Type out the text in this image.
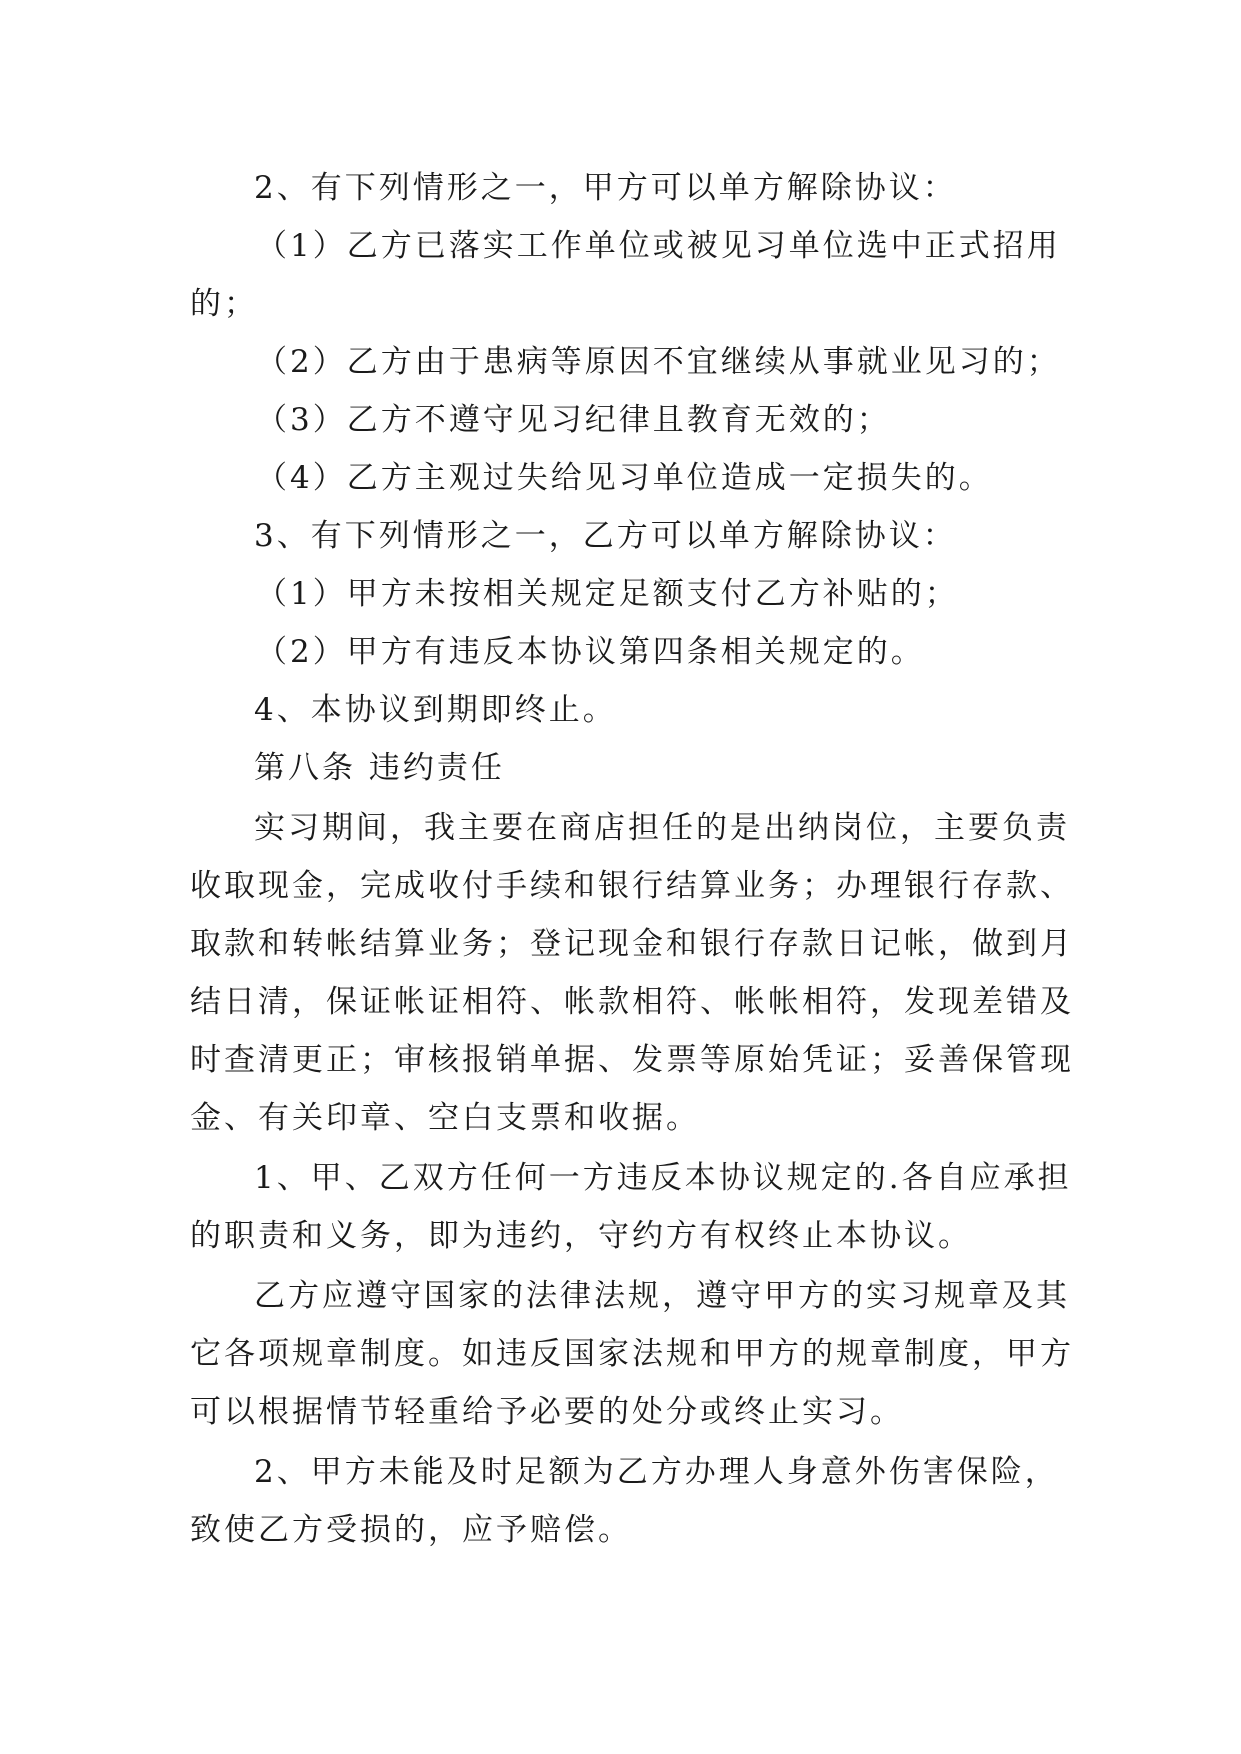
2、有下列情形之一，甲方可以单方解除协议：
（1）乙方已落实工作单位或被见习单位选中正式招用
的；
（2）乙方由于患病等原因不宜继续从事就业见习的；
（3）乙方不遵守见习纪律且教育无效的；
（4）乙方主观过失给见习单位造成一定损失的。
3、有下列情形之一，乙方可以单方解除协议：
（1）甲方未按相关规定足额支付乙方补贴的；
（2）甲方有违反本协议第四条相关规定的。
4、本协议到期即终止。
第八条 违约责任
实习期间，我主要在商店担任的是出纳岗位，主要负责
收取现金，完成收付手续和银行结算业务；办理银行存款、
取款和转帐结算业务；登记现金和银行存款日记帐，做到月
结日清，保证帐证相符、帐款相符、帐帐相符，发现差错及
时查清更正；审核报销单据、发票等原始凭证；妥善保管现
金、有关印章、空白支票和收据。
1、甲、乙双方任何一方违反本协议规定的.各自应承担
的职责和义务，即为违约，守约方有权终止本协议。
乙方应遵守国家的法律法规，遵守甲方的实习规章及其
它各项规章制度。如违反国家法规和甲方的规章制度，甲方
可以根据情节轻重给予必要的处分或终止实习。
2、甲方未能及时足额为乙方办理人身意外伤害保险，
致使乙方受损的，应予赔偿。
